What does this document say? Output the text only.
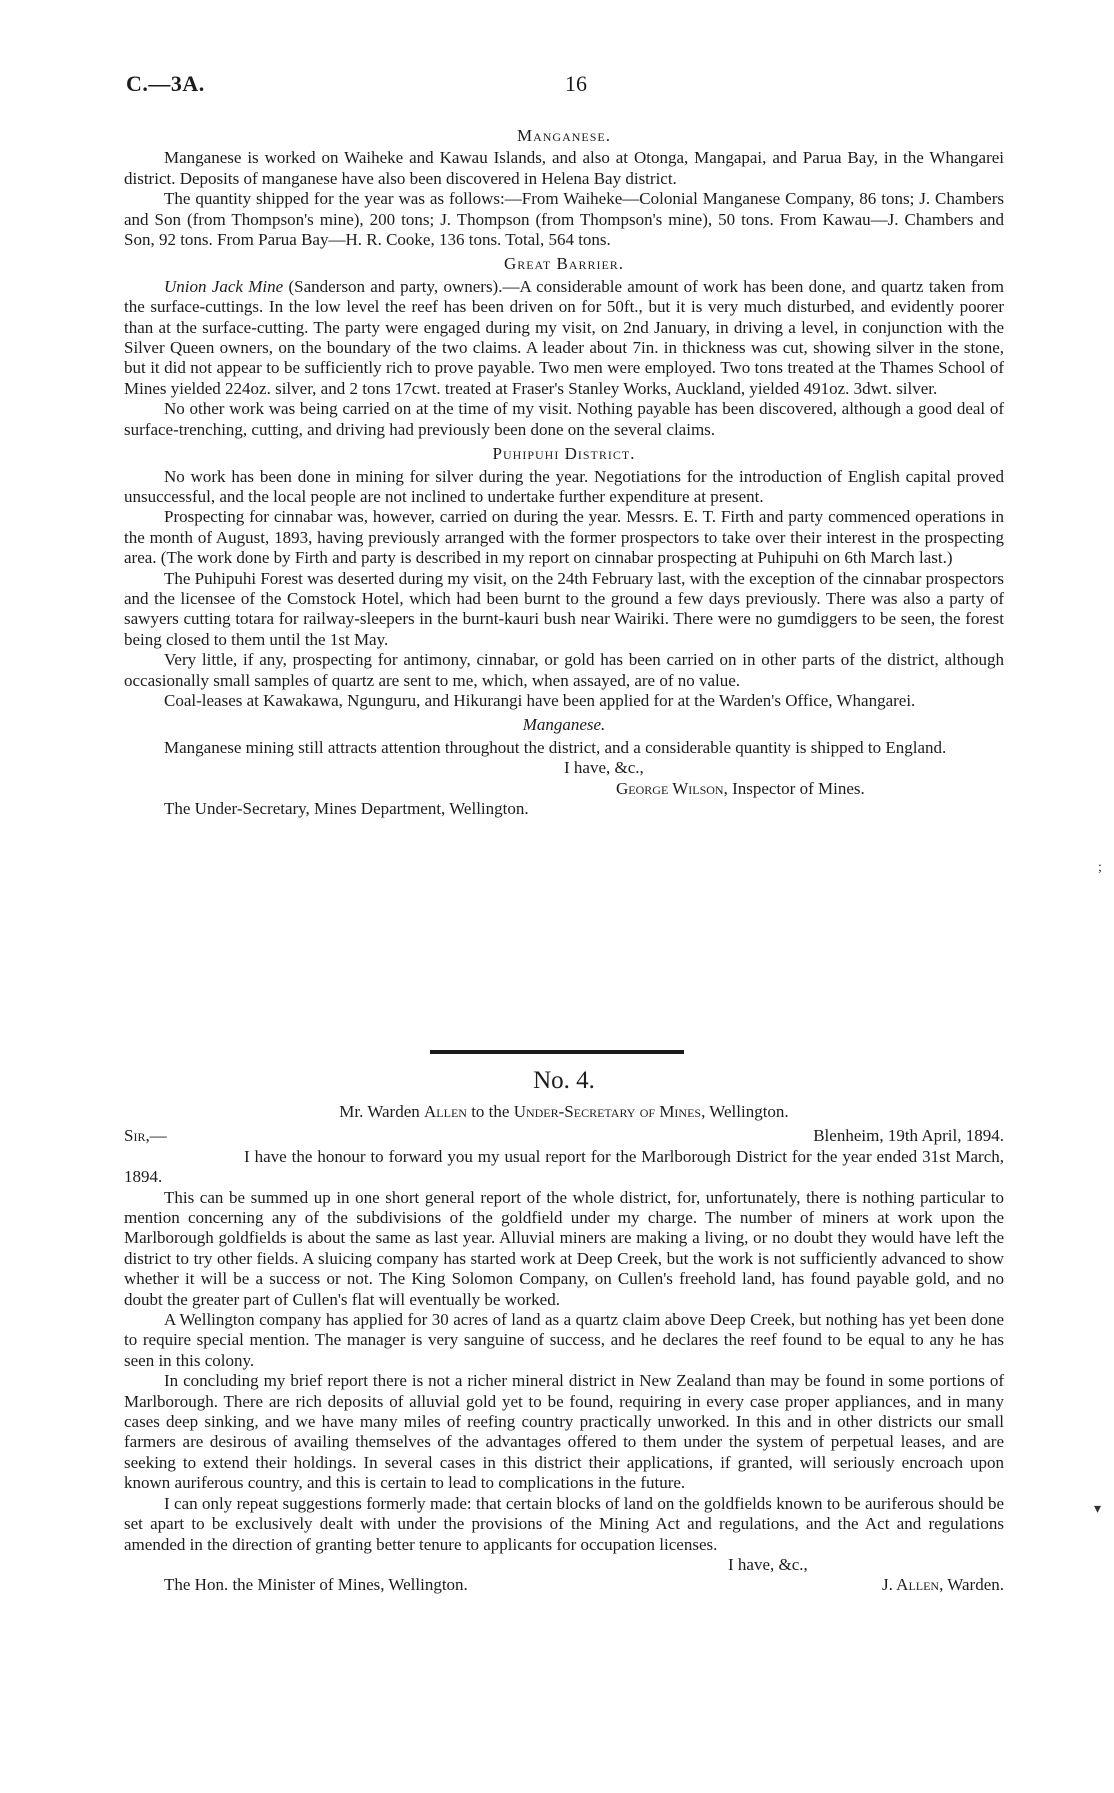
C.—3A.	16
Manganese.

Manganese is worked on Waiheke and Kawau Islands, and also at Otonga, Mangapai, and Parua Bay, in the Whangarei district. Deposits of manganese have also been discovered in Helena Bay district.

The quantity shipped for the year was as follows:—From Waiheke—Colonial Manganese Company, 86 tons; J. Chambers and Son (from Thompson's mine), 200 tons; J. Thompson (from Thompson's mine), 50 tons. From Kawau—J. Chambers and Son, 92 tons. From Parua Bay—H. R. Cooke, 136 tons. Total, 564 tons.

Great Barrier.

Union Jack Mine (Sanderson and party, owners).—A considerable amount of work has been done, and quartz taken from the surface-cuttings. In the low level the reef has been driven on for 50ft., but it is very much disturbed, and evidently poorer than at the surface-cutting. The party were engaged during my visit, on 2nd January, in driving a level, in conjunction with the Silver Queen owners, on the boundary of the two claims. A leader about 7in. in thickness was cut, showing silver in the stone, but it did not appear to be sufficiently rich to prove payable. Two men were employed. Two tons treated at the Thames School of Mines yielded 224oz. silver, and 2 tons 17cwt. treated at Fraser's Stanley Works, Auckland, yielded 491oz. 3dwt. silver.

No other work was being carried on at the time of my visit. Nothing payable has been discovered, although a good deal of surface-trenching, cutting, and driving had previously been done on the several claims.

Puhipuhi District.

No work has been done in mining for silver during the year. Negotiations for the introduction of English capital proved unsuccessful, and the local people are not inclined to undertake further expenditure at present.

Prospecting for cinnabar was, however, carried on during the year. Messrs. E. T. Firth and party commenced operations in the month of August, 1893, having previously arranged with the former prospectors to take over their interest in the prospecting area. (The work done by Firth and party is described in my report on cinnabar prospecting at Puhipuhi on 6th March last.)

The Puhipuhi Forest was deserted during my visit, on the 24th February last, with the exception of the cinnabar prospectors and the licensee of the Comstock Hotel, which had been burnt to the ground a few days previously. There was also a party of sawyers cutting totara for railway-sleepers in the burnt-kauri bush near Wairiki. There were no gumdiggers to be seen, the forest being closed to them until the 1st May.

Very little, if any, prospecting for antimony, cinnabar, or gold has been carried on in other parts of the district, although occasionally small samples of quartz are sent to me, which, when assayed, are of no value.

Coal-leases at Kawakawa, Ngunguru, and Hikurangi have been applied for at the Warden's Office, Whangarei.

Manganese.

Manganese mining still attracts attention throughout the district, and a considerable quantity is shipped to England.

I have, &c.,
George Wilson, Inspector of Mines.
The Under-Secretary, Mines Department, Wellington.
No. 4.
Mr. Warden Allen to the Under-Secretary of Mines, Wellington.
Sir,—	Blenheim, 19th April, 1894.

I have the honour to forward you my usual report for the Marlborough District for the year ended 31st March, 1894.

This can be summed up in one short general report of the whole district, for, unfortunately, there is nothing particular to mention concerning any of the subdivisions of the goldfield under my charge. The number of miners at work upon the Marlborough goldfields is about the same as last year. Alluvial miners are making a living, or no doubt they would have left the district to try other fields. A sluicing company has started work at Deep Creek, but the work is not sufficiently advanced to show whether it will be a success or not. The King Solomon Company, on Cullen's freehold land, has found payable gold, and no doubt the greater part of Cullen's flat will eventually be worked.

A Wellington company has applied for 30 acres of land as a quartz claim above Deep Creek, but nothing has yet been done to require special mention. The manager is very sanguine of success, and he declares the reef found to be equal to any he has seen in this colony.

In concluding my brief report there is not a richer mineral district in New Zealand than may be found in some portions of Marlborough. There are rich deposits of alluvial gold yet to be found, requiring in every case proper appliances, and in many cases deep sinking, and we have many miles of reefing country practically unworked. In this and in other districts our small farmers are desirous of availing themselves of the advantages offered to them under the system of perpetual leases, and are seeking to extend their holdings. In several cases in this district their applications, if granted, will seriously encroach upon known auriferous country, and this is certain to lead to complications in the future.

I can only repeat suggestions formerly made: that certain blocks of land on the goldfields known to be auriferous should be set apart to be exclusively dealt with under the provisions of the Mining Act and regulations, and the Act and regulations amended in the direction of granting better tenure to applicants for occupation licenses.

I have, &c.,
The Hon. the Minister of Mines, Wellington.	J. Allen, Warden.
;
▾
